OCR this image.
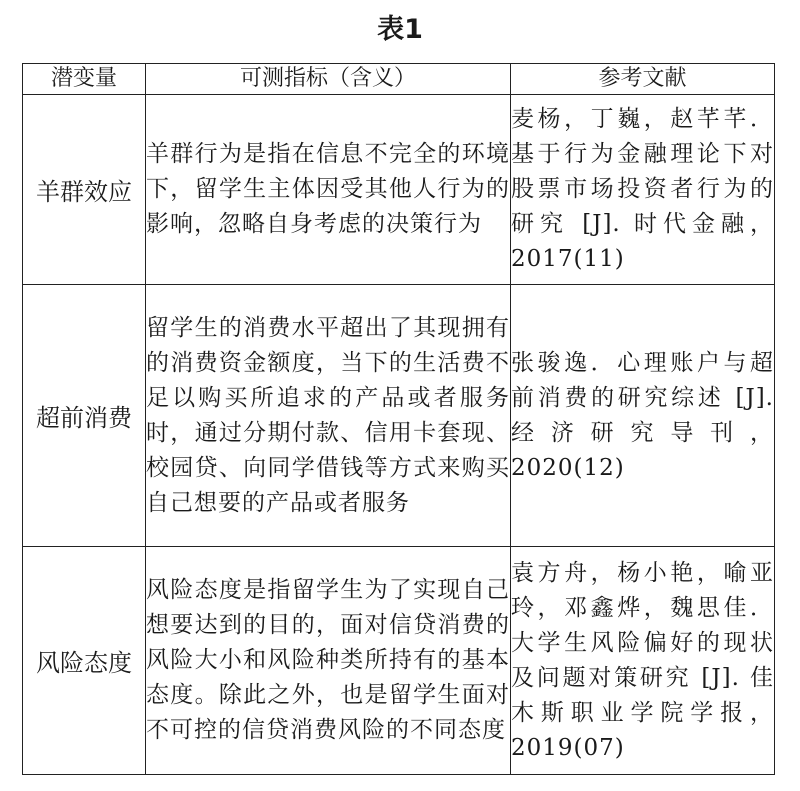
表1
潜变量	可测指标（含义）	参考文献
羊群效应	羊群行为是指在信息不完全的环境下，留学生主体因受其他人行为的影响，忽略自身考虑的决策行为	麦杨，丁巍，赵芊芊．基于行为金融理论下对股票市场投资者行为的研究 [J]. 时代金融，2017(11)
超前消费	留学生的消费水平超出了其现拥有的消费资金额度，当下的生活费不足以购买所追求的产品或者服务时，通过分期付款、信用卡套现、校园贷、向同学借钱等方式来购买自己想要的产品或者服务	张骏逸．心理账户与超前消费的研究综述 [J]. 经济研究导刊，2020(12)
风险态度	风险态度是指留学生为了实现自己想要达到的目的，面对信贷消费的风险大小和风险种类所持有的基本态度。除此之外，也是留学生面对不可控的信贷消费风险的不同态度	袁方舟，杨小艳，喻亚玲，邓鑫烨，魏思佳．大学生风险偏好的现状及问题对策研究 [J]. 佳木斯职业学院学报，2019(07)
